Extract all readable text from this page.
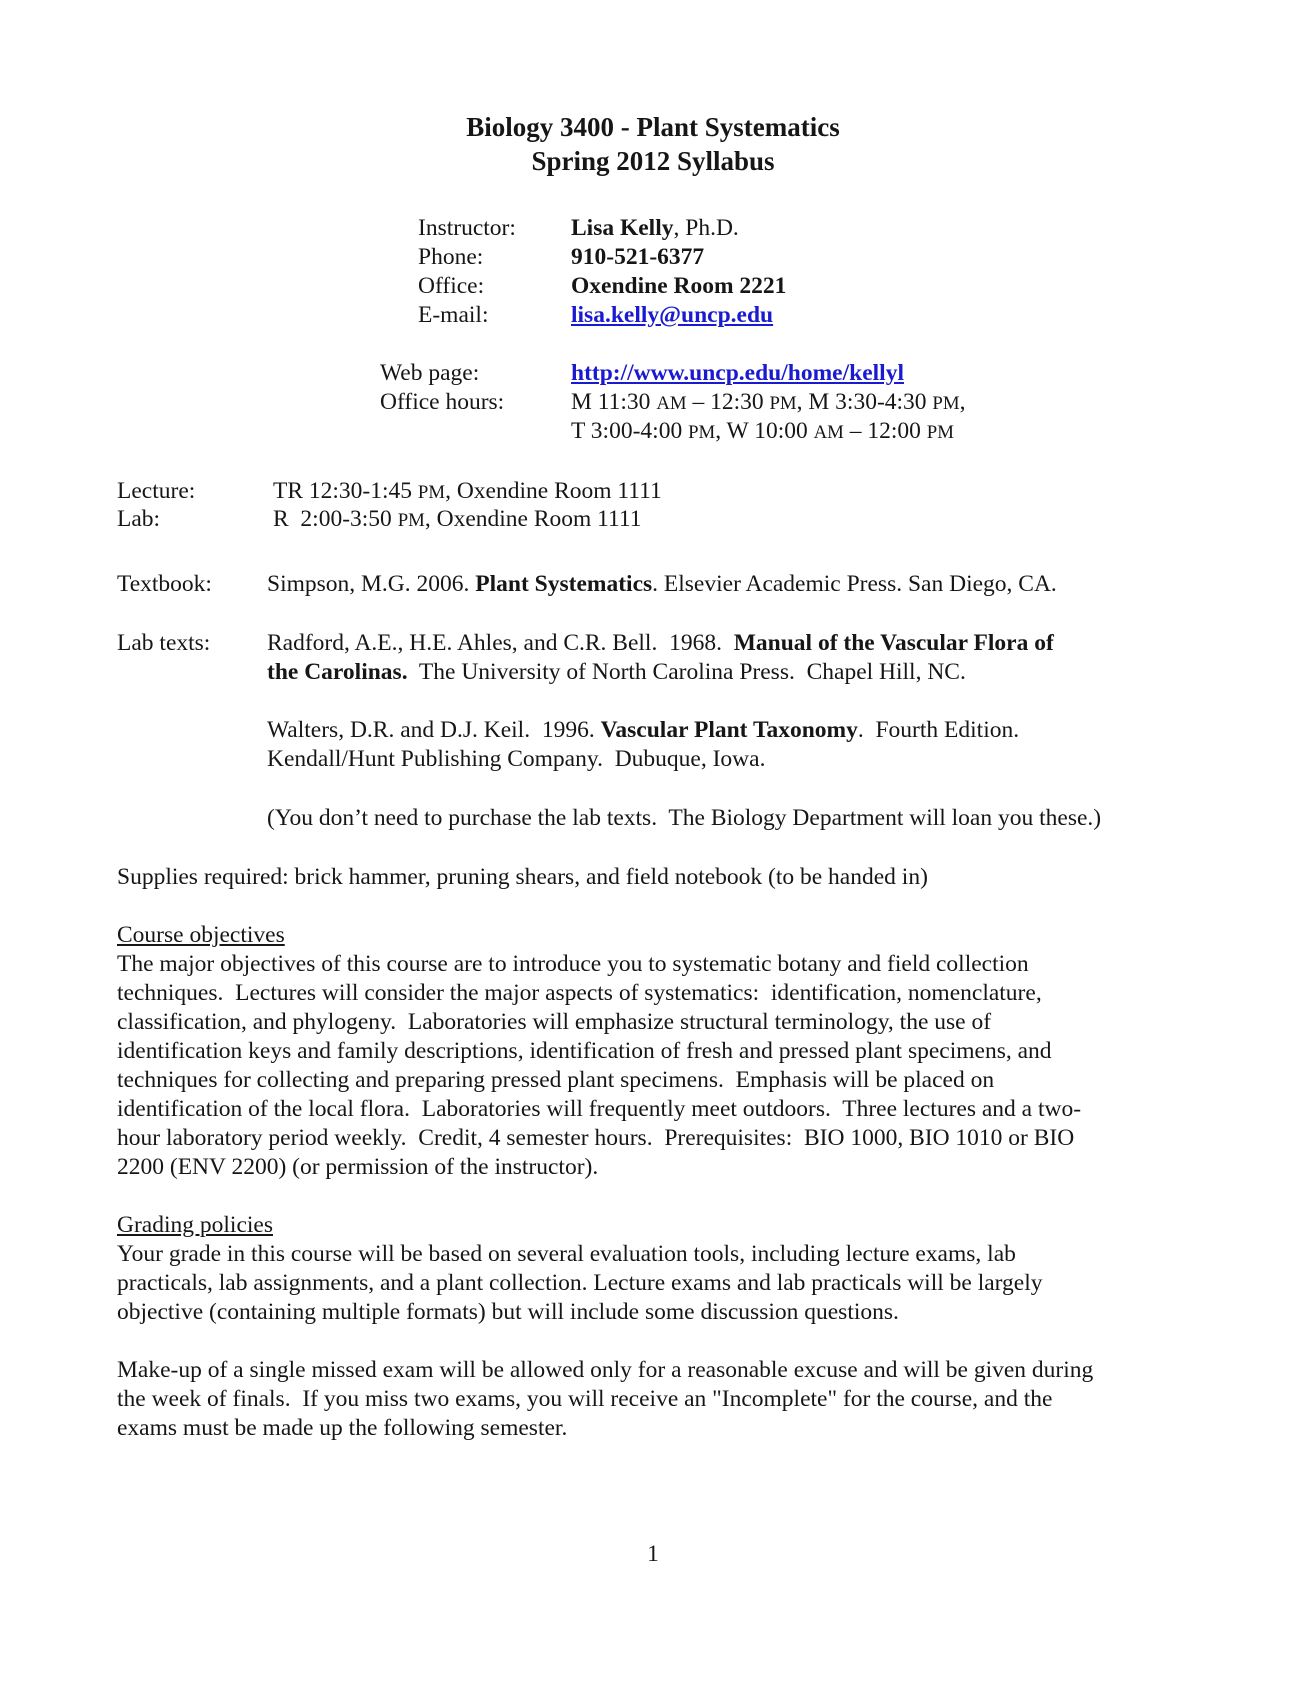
Biology 3400 - Plant Systematics
Spring 2012 Syllabus
Instructor: Lisa Kelly, Ph.D.
Phone:	910-521-6377
Office:	Oxendine Room 2221
E-mail:	lisa.kelly@uncp.edu
Web page:	http://www.uncp.edu/home/kellyl
Office hours:	M 11:30 AM – 12:30 PM, M 3:30-4:30 PM,
T 3:00-4:00 PM, W 10:00 AM – 12:00 PM
Lecture:	TR 12:30-1:45 PM, Oxendine Room 1111
Lab:	R  2:00-3:50 PM, Oxendine Room 1111
Textbook: Simpson, M.G. 2006. Plant Systematics. Elsevier Academic Press. San Diego, CA.
Lab texts: Radford, A.E., H.E. Ahles, and C.R. Bell.  1968.  Manual of the Vascular Flora of
the Carolinas.  The University of North Carolina Press.  Chapel Hill, NC.
Walters, D.R. and D.J. Keil.  1996. Vascular Plant Taxonomy.  Fourth Edition.
Kendall/Hunt Publishing Company.  Dubuque, Iowa.
(You don’t need to purchase the lab texts.  The Biology Department will loan you these.)
Supplies required: brick hammer, pruning shears, and field notebook (to be handed in)
Course objectives
The major objectives of this course are to introduce you to systematic botany and field collection
techniques.  Lectures will consider the major aspects of systematics:  identification, nomenclature,
classification, and phylogeny.  Laboratories will emphasize structural terminology, the use of
identification keys and family descriptions, identification of fresh and pressed plant specimens, and
techniques for collecting and preparing pressed plant specimens.  Emphasis will be placed on
identification of the local flora.  Laboratories will frequently meet outdoors.  Three lectures and a two-
hour laboratory period weekly.  Credit, 4 semester hours.  Prerequisites:  BIO 1000, BIO 1010 or BIO
2200 (ENV 2200) (or permission of the instructor).
Grading policies
Your grade in this course will be based on several evaluation tools, including lecture exams, lab
practicals, lab assignments, and a plant collection. Lecture exams and lab practicals will be largely
objective (containing multiple formats) but will include some discussion questions.
Make-up of a single missed exam will be allowed only for a reasonable excuse and will be given during
the week of finals.  If you miss two exams, you will receive an "Incomplete" for the course, and the
exams must be made up the following semester.
1
